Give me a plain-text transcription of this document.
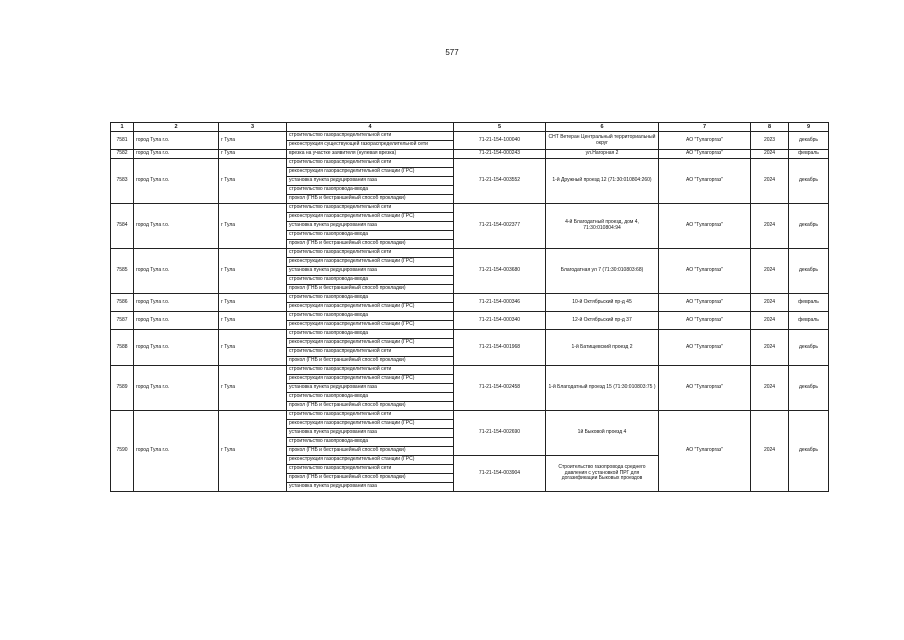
577
1	2	3	4	5	6	7	8	9
7581	город Тула г.о.	г Тула	строительство газораспределительной сети	71-21-154-100040	СНТ Ветеран Центральный территориальный округ	АО "Тулагоргаз"	2023	декабрь
			реконструкция существующей газораспределительной сети					
7582	город Тула г.о.	г Тула	врезка на участке заявителя (нулевая врезка)	71-21-154-000243	ул.Нагорная 2	АО "Тулагоргаз"	2024	февраль
7583	город Тула г.о.	г Тула	строительство газораспределительной сети	71-21-154-003552	1-й Дружный проезд 12 (71:30:010804:260)	АО "Тулагоргаз"	2024	декабрь
			реконструкция газораспределительной станции (ГРС)					
			установка пункта редуцирования газа					
			строительство газопровода-ввода					
			прокол (ГНБ и бестраншейный способ прокладки)					
7584	город Тула г.о.	г Тула	строительство газораспределительной сети	71-21-154-002377	4-й Благодатный проезд, дом 4, 71:30:010804:94	АО "Тулагоргаз"	2024	декабрь
			реконструкция газораспределительной станции (ГРС)					
			установка пункта редуцирования газа					
			строительство газопровода-ввода					
			прокол (ГНБ и бестраншейный способ прокладки)					
7585	город Тула г.о.	г Тула	строительство газораспределительной сети	71-21-154-003680	Благодатная ул 7 (71:30:010803:68)	АО "Тулагоргаз"	2024	декабрь
			реконструкция газораспределительной станции (ГРС)					
			установка пункта редуцирования газа					
			строительство газопровода-ввода					
			прокол (ГНБ и бестраншейный способ прокладки)					
7586	город Тула г.о.	г Тула	строительство газопровода-ввода	71-21-154-000346	10-й Октябрьский пр-д 45	АО "Тулагоргаз"	2024	февраль
			реконструкция газораспределительной станции (ГРС)					
7587	город Тула г.о.	г Тула	строительство газопровода-ввода	71-21-154-000340	12-й Октябрьский пр-д 37	АО "Тулагоргаз"	2024	февраль
			реконструкция газораспределительной станции (ГРС)					
7588	город Тула г.о.	г Тула	строительство газопровода-ввода	71-21-154-001968	1-й Батищевский проезд 2	АО "Тулагоргаз"	2024	декабрь
			реконструкция газораспределительной станции (ГРС)					
			строительство газораспределительной сети					
			прокол (ГНБ и бестраншейный способ прокладки)					
7589	город Тула г.о.	г Тула	строительство газораспределительной сети	71-21-154-002458	1-й Благодатный проезд 15 (71:30:010803:75 )	АО "Тулагоргаз"	2024	декабрь
			реконструкция газораспределительной станции (ГРС)					
			установка пункта редуцирования газа					
			строительство газопровода-ввода					
			прокол (ГНБ и бестраншейный способ прокладки)					
7590	город Тула г.о.	г Тула	строительство газораспределительной сети	71-21-154-002690	1й Быковой проезд 4	АО "Тулагоргаз"	2024	декабрь
			реконструкция газораспределительной станции (ГРС)					
			установка пункта редуцирования газа					
			строительство газопровода-ввода					
			прокол (ГНБ и бестраншейный способ прокладки)					
			реконструкция газораспределительной станции (ГРС)	71-21-154-003904	Строительство газопровода среднего давления с установкой ПРГ для догазификации Быковых проездов			
			строительство газораспределительной сети					
			прокол (ГНБ и бестраншейный способ прокладки)					
			установка пункта редуцирования газа					
